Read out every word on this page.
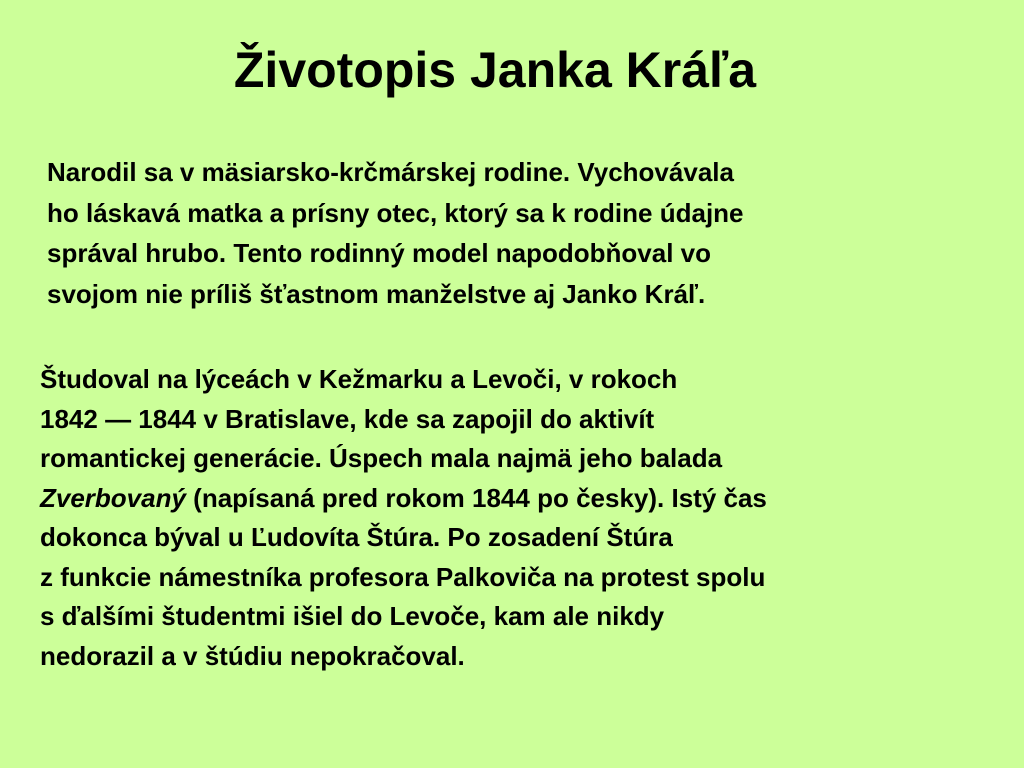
Životopis Janka Kráľa

Narodil sa v mäsiarsko-krčmárskej rodine. Vychovávala
ho láskavá matka a prísny otec, ktorý sa k rodine údajne
správal hrubo. Tento rodinný model napodobňoval vo
svojom nie príliš šťastnom manželstve aj Janko Kráľ.

Študoval na lýceách v Kežmarku a Levoči, v rokoch
1842 — 1844 v Bratislave, kde sa zapojil do aktivít
romantickej generácie. Úspech mala najmä jeho balada
Zverbovaný (napísaná pred rokom 1844 po česky). Istý čas
dokonca býval u Ľudovíta Štúra. Po zosadení Štúra
z funkcie námestníka profesora Palkoviča na protest spolu
s ďalšími študentmi išiel do Levoče, kam ale nikdy
nedorazil a v štúdiu nepokračoval.
